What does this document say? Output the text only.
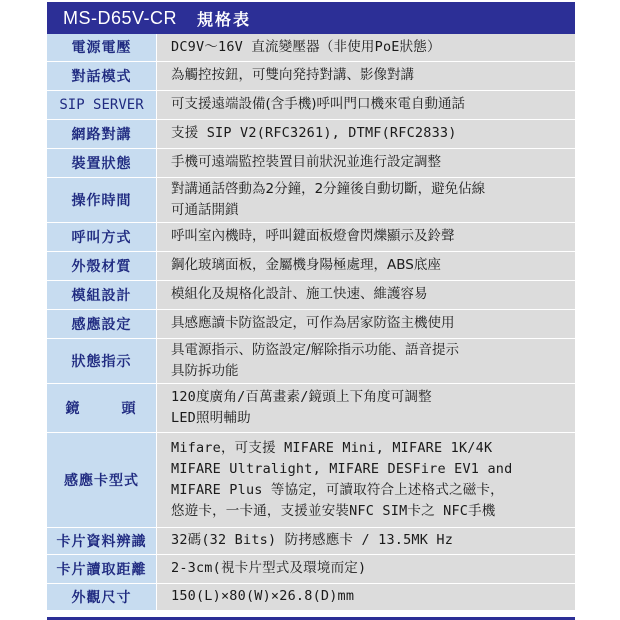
MS-D65V-CR 規格表
電源電壓	DC9V～16V 直流變壓器（非使用PoE狀態）

對話模式	為觸控按鈕，可雙向発持對講、影像對講

SIP SERVER	可支援遠端設備(含手機)呼叫門口機來電自動通話

網路對講	支援 SIP V2(RFC3261), DTMF(RFC2833)

裝置狀態	手機可遠端監控裝置目前狀況並進行設定調整

操作時間	對講通話啓動為2分鐘，2分鐘後自動切斷，避免佔線
可通話開鎖

呼叫方式	呼叫室內機時，呼叫鍵面板燈會閃爍顯示及鈴聲

外殼材質	鋼化玻璃面板，金屬機身陽極處理，ABS底座

模組設計	模組化及規格化設計、施工快速、維護容易

感應設定	具感應讀卡防盜設定，可作為居家防盜主機使用

狀態指示	具電源指示、防盜設定/解除指示功能、語音提示
具防拆功能

鏡　頭	120度廣角/百萬畫素/鏡頭上下角度可調整
LED照明輔助

感應卡型式	Mifare，可支援 MIFARE Mini, MIFARE 1K/4K
MIFARE Ultralight, MIFARE DESFire EV1 and
MIFARE Plus 等協定，可讀取符合上述格式之磁卡，
悠遊卡，一卡通，支援並安裝NFC SIM卡之 NFC手機

卡片資料辨識	32碼(32 Bits) 防拷感應卡 / 13.5MK Hz

卡片讀取距離	2-3cm(視卡片型式及環境而定)

外觀尺寸	150(L)×80(W)×26.8(D)mm
